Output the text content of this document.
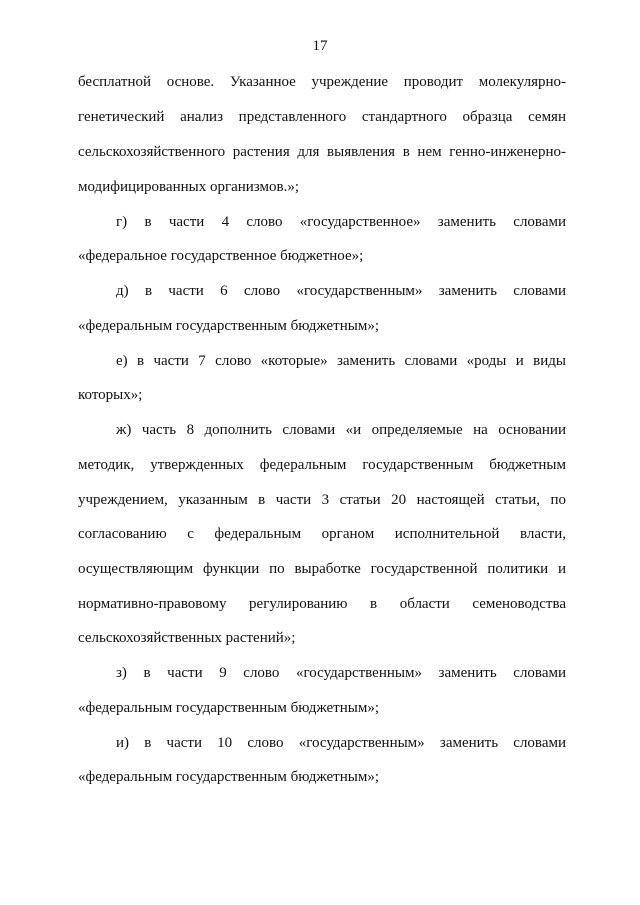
17
бесплатной основе. Указанное учреждение проводит молекулярно-
генетический анализ представленного стандартного образца семян
сельскохозяйственного растения для выявления в нем генно-инженерно-
модифицированных организмов.»;
г) в части 4 слово «государственное» заменить словами
«федеральное государственное бюджетное»;
д) в части 6 слово «государственным» заменить словами
«федеральным государственным бюджетным»;
е) в части 7 слово «которые» заменить словами «роды и виды
которых»;
ж) часть 8 дополнить словами «и определяемые на основании
методик, утвержденных федеральным государственным бюджетным
учреждением, указанным в части 3 статьи 20 настоящей статьи, по
согласованию с федеральным органом исполнительной власти,
осуществляющим функции по выработке государственной политики и
нормативно-правовому регулированию в области семеноводства
сельскохозяйственных растений»;
з) в части 9 слово «государственным» заменить словами
«федеральным государственным бюджетным»;
и) в части 10 слово «государственным» заменить словами
«федеральным государственным бюджетным»;
